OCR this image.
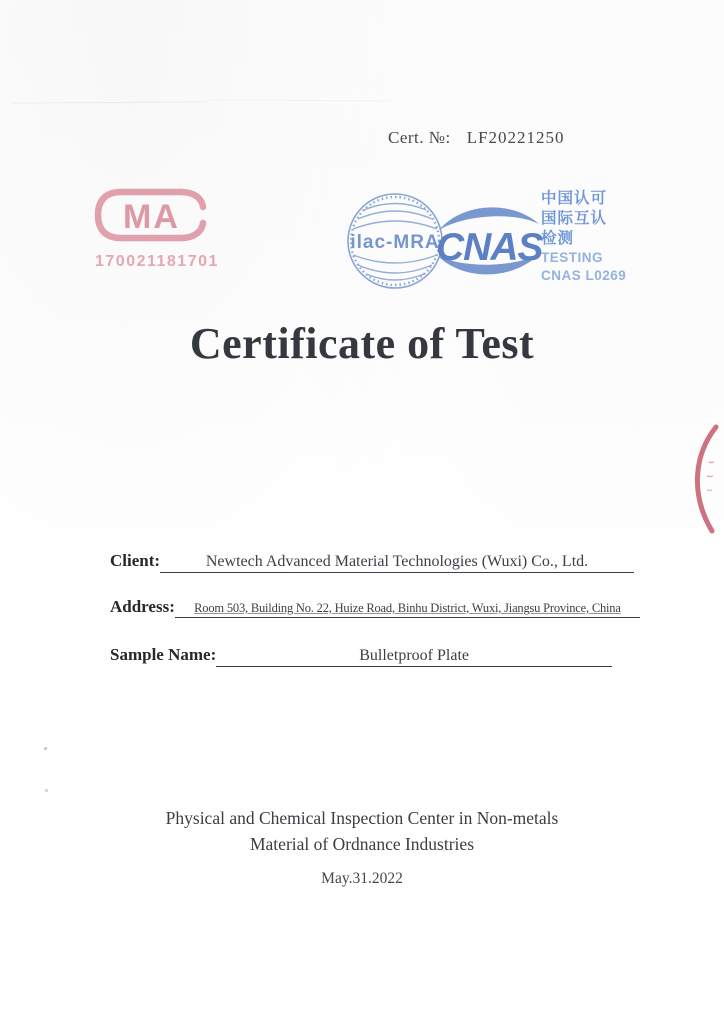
Cert. №: LF20221250
MA
170021181701
ilac-MRA
CNAS
中国认可
国际互认
检测
TESTING
CNAS L0269
Certificate of Test
Client:	Newtech Advanced Material Technologies (Wuxi) Co., Ltd.
Address:	Room 503, Building No. 22, Huize Road, Binhu District, Wuxi, Jiangsu Province, China
Sample Name:	Bulletproof Plate
Physical and Chemical Inspection Center in Non-metals
Material of Ordnance Industries
May.31.2022
